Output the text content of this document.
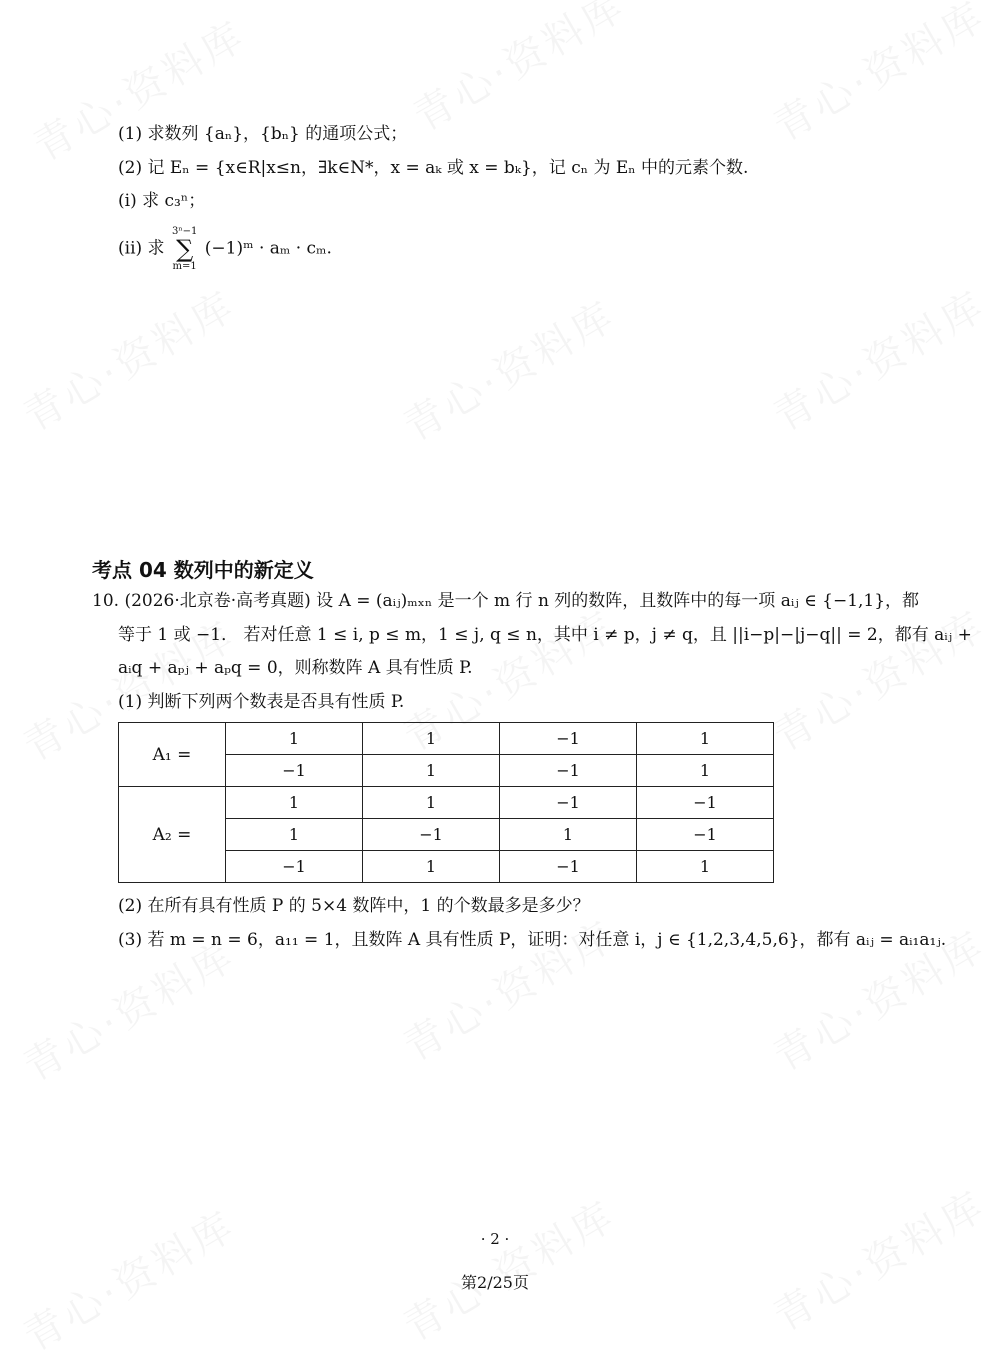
(1) 求数列 {aₙ}，{bₙ} 的通项公式；
(2) 记 Eₙ = {x∈R|x≤n，∃k∈N*，x = aₖ 或 x = bₖ}，记 cₙ 为 Eₙ 中的元素个数.
(i) 求 c₃ⁿ；
(ii) 求
3ⁿ−1
∑
m=1
(−1)ᵐ · aₘ · cₘ.
考点 04 数列中的新定义
10. (2026·北京卷·高考真题) 设 A = (aᵢⱼ)ₘₓₙ 是一个 m 行 n 列的数阵，且数阵中的每一项 aᵢⱼ ∈ {−1,1}，都
等于 1 或 −1． 若对任意 1 ≤ i, p ≤ m，1 ≤ j, q ≤ n，其中 i ≠ p，j ≠ q，且 ||i−p|−|j−q|| = 2，都有 aᵢⱼ +
aᵢq + aₚⱼ + aₚq = 0，则称数阵 A 具有性质 P.
(1) 判断下列两个数表是否具有性质 P.
A₁ =	1	1	−1	1
	−1	1	−1	1
A₂ =	1	1	−1	−1
	1	−1	1	−1
	−1	1	−1	1
(2) 在所有具有性质 P 的 5×4 数阵中，1 的个数最多是多少？
(3) 若 m = n = 6，a₁₁ = 1，且数阵 A 具有性质 P，证明：对任意 i，j ∈ {1,2,3,4,5,6}，都有 aᵢⱼ = aᵢ₁a₁ⱼ.
· 2 ·
第2/25页
